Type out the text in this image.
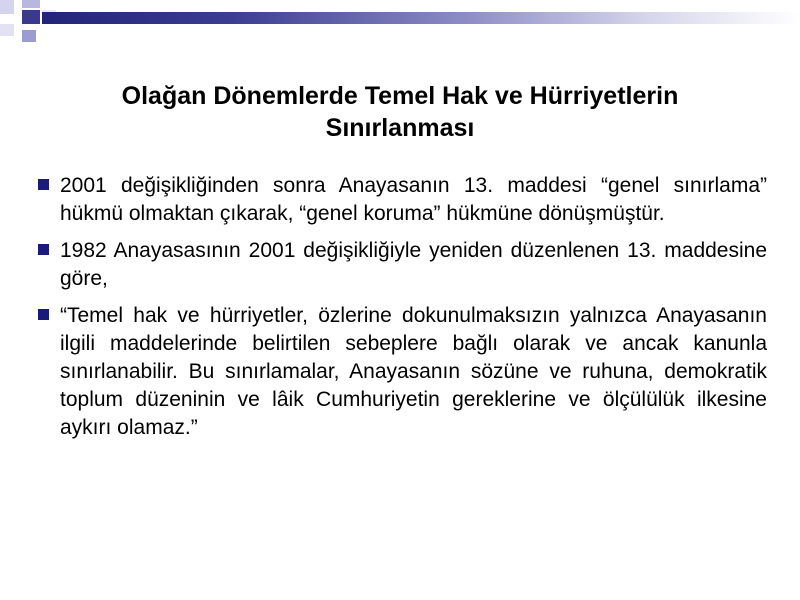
Olağan Dönemlerde Temel Hak ve Hürriyetlerin
Sınırlanması
2001 değişikliğinden sonra Anayasanın 13. maddesi “genel sınırlama” hükmü olmaktan çıkarak, “genel koruma” hükmüne dönüşmüştür.
1982 Anayasasının 2001 değişikliğiyle yeniden düzenlenen 13. maddesine göre,
“Temel hak ve hürriyetler, özlerine dokunulmaksızın yalnızca Anayasanın ilgili maddelerinde belirtilen sebeplere bağlı olarak ve ancak kanunla sınırlanabilir. Bu sınırlamalar, Anayasanın sözüne ve ruhuna, demokratik toplum düzeninin ve lâik Cumhuriyetin gereklerine ve ölçülülük ilkesine aykırı olamaz.”
